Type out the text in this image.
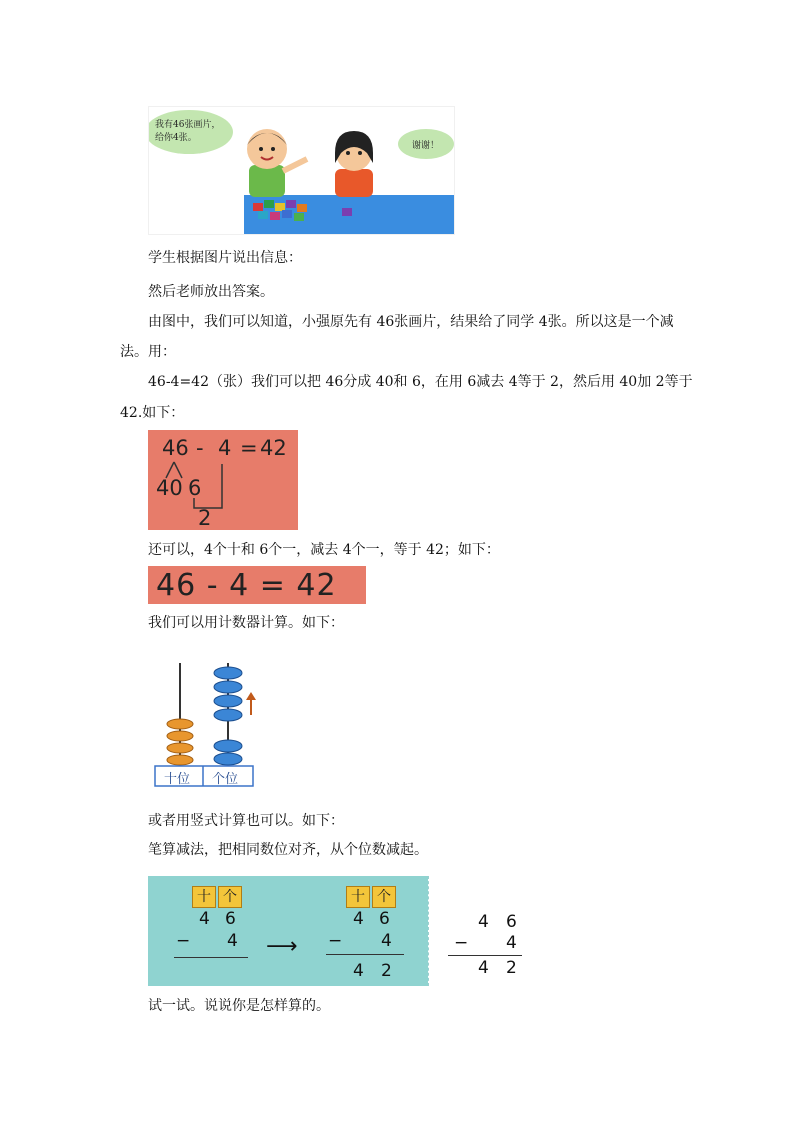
我有46张画片，给你4张。
谢谢！
学生根据图片说出信息：
然后老师放出答案。
由图中，我们可以知道，小强原先有 46张画片，结果给了同学 4张。所以这是一个减
法。用：
46-4=42（张）我们可以把 46分成 40和 6，在用 6减去 4等于 2，然后用 40加 2等于
42.如下：
46 - 4 = 42
40 6
2
还可以，4个十和 6个一，减去 4个一，等于 42；如下：
46 - 4 = 42
我们可以用计数器计算。如下：
十位 个位
或者用竖式计算也可以。如下：
笔算减法，把相同数位对齐，从个位数减起。
十 个
4 6
− 4 ⟶
十 个
4 6
− 4
4 2
4 6
− 4
4 2
试一试。说说你是怎样算的。
